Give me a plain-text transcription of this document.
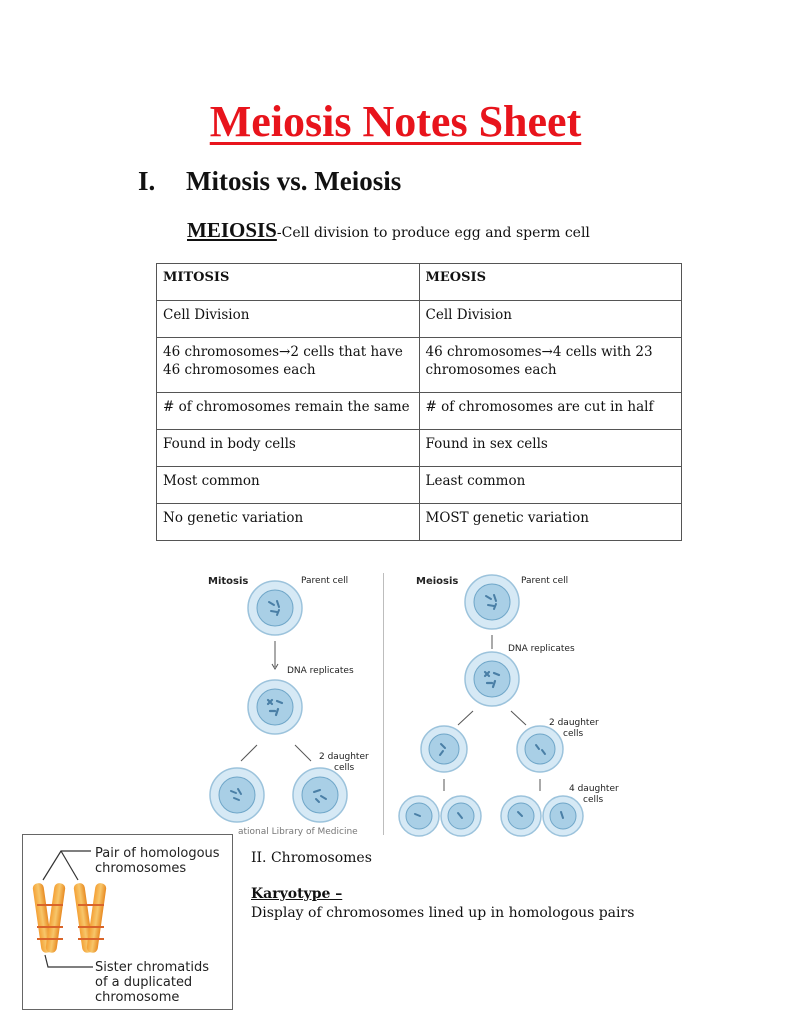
Meiosis Notes Sheet
I. Mitosis vs. Meiosis
MEIOSIS-Cell division to produce egg and sperm cell
MITOSIS	MEOSIS
Cell Division	Cell Division
46 chromosomes→2 cells that have 46 chromosomes each	46 chromosomes→4 cells with 23 chromosomes each
# of chromosomes remain the same	# of chromosomes are cut in half
Found in body cells	Found in sex cells
Most common	Least common
No genetic variation	MOST genetic variation
Mitosis	Parent cell
DNA replicates
2 daughter
cells
Meiosis	Parent cell
DNA replicates
2 daughter
cells
4 daughter
cells
ational Library of Medicine
Pair of homologous
chromosomes
Sister chromatids
of a duplicated
chromosome
II. Chromosomes
Karyotype –
Display of chromosomes lined up in homologous pairs
